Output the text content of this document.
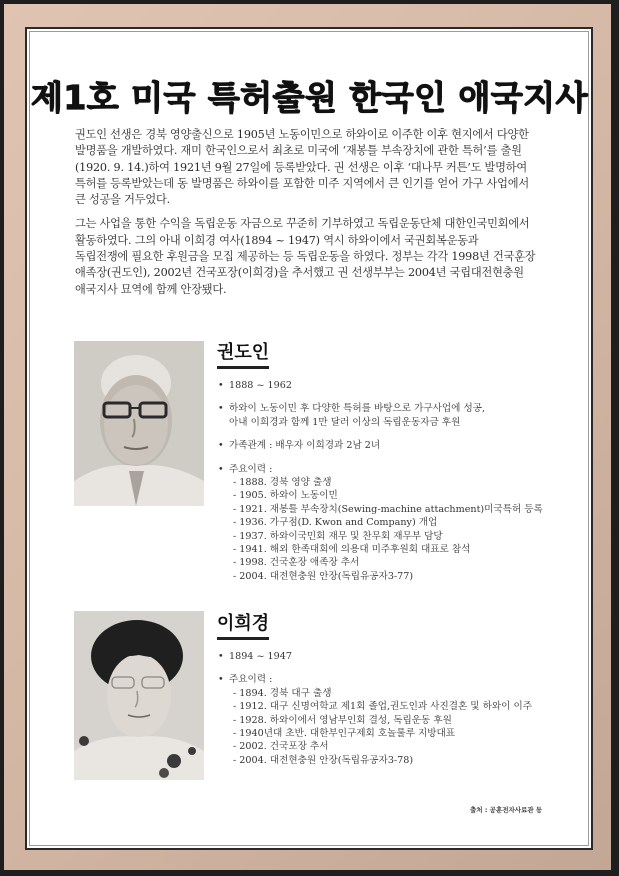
제1호 미국 특허출원 한국인 애국지사

권도인 선생은 경북 영양출신으로 1905년 노동이민으로 하와이로 이주한 이후 현지에서 다양한
발명품을 개발하였다. 재미 한국인으로서 최초로 미국에 ‘재봉틀 부속장치에 관한 특허’를 출원
(1920. 9. 14.)하여 1921년 9월 27일에 등록받았다. 권 선생은 이후 ‘대나무 커튼’도 발명하여
특허를 등록받았는데 동 발명품은 하와이를 포함한 미주 지역에서 큰 인기를 얻어 가구 사업에서
큰 성공을 거두었다.

그는 사업을 통한 수익을 독립운동 자금으로 꾸준히 기부하였고 독립운동단체 대한인국민회에서
활동하였다. 그의 아내 이희경 여사(1894 ~ 1947) 역시 하와이에서 국권회복운동과
독립전쟁에 필요한 후원금을 모집 제공하는 등 독립운동을 하였다. 정부는 각각 1998년 건국훈장
애족장(권도인), 2002년 건국포장(이희경)을 추서했고 권 선생부부는 2004년 국립대전현충원
애국지사 묘역에 함께 안장됐다.

권도인
• 1888 ~ 1962
• 하와이 노동이민 후 다양한 특허를 바탕으로 가구사업에 성공,
아내 이희경과 함께 1만 달러 이상의 독립운동자금 후원
• 가족관계 : 배우자 이희경과 2남 2녀
• 주요이력 :
- 1888. 경북 영양 출생
- 1905. 하와이 노동이민
- 1921. 재봉틀 부속장치(Sewing-machine attachment)미국특허 등록
- 1936. 가구점(D. Kwon and Company) 개업
- 1937. 하와이국민회 재무 및 찬무회 재무부 담당
- 1941. 해외 한족대회에 의용대 미주후원회 대표로 참석
- 1998. 건국훈장 애족장 추서
- 2004. 대전현충원 안장(독립유공자3-77)
이희경
• 1894 ~ 1947
• 주요이력 :
- 1894. 경북 대구 출생
- 1912. 대구 신명여학교 제1회 졸업,권도인과 사진결혼 및 하와이 이주
- 1928. 하와이에서 영남부인회 결성, 독립운동 후원
- 1940년대 초반. 대한부인구제회 호놀룰루 지방대표
- 2002. 건국포장 추서
- 2004. 대전현충원 안장(독립유공자3-78)
출처 : 공훈전자사료관 등
